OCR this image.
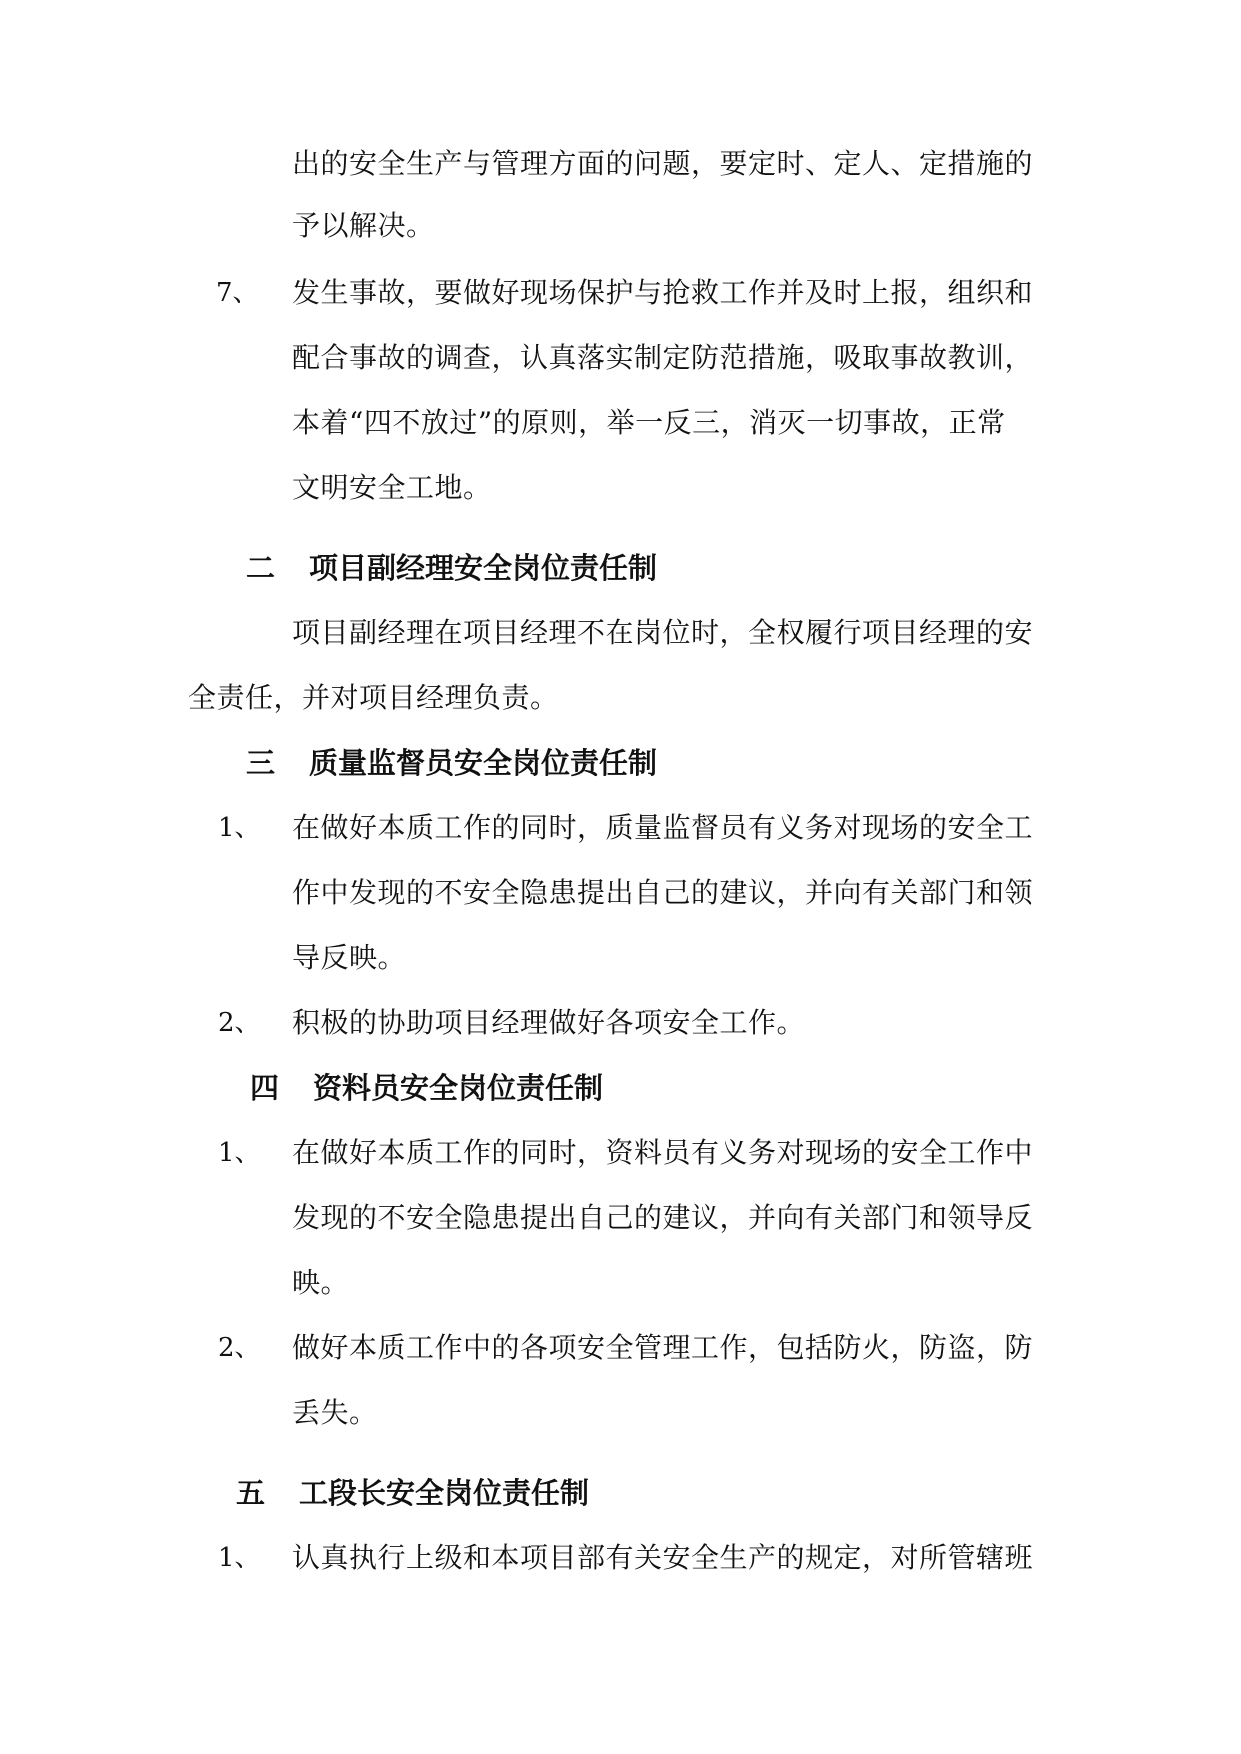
出的安全生产与管理方面的问题，要定时、定人、定措施的
予以解决。
7、 发生事故，要做好现场保护与抢救工作并及时上报，组织和
配合事故的调查，认真落实制定防范措施，吸取事故教训，
本着“四不放过”的原则，举一反三，消灭一切事故，正常
文明安全工地。
二 项目副经理安全岗位责任制
项目副经理在项目经理不在岗位时，全权履行项目经理的安
全责任，并对项目经理负责。
三 质量监督员安全岗位责任制
1、 在做好本质工作的同时，质量监督员有义务对现场的安全工
作中发现的不安全隐患提出自己的建议，并向有关部门和领
导反映。
2、 积极的协助项目经理做好各项安全工作。
四 资料员安全岗位责任制
1、 在做好本质工作的同时，资料员有义务对现场的安全工作中
发现的不安全隐患提出自己的建议，并向有关部门和领导反
映。
2、 做好本质工作中的各项安全管理工作，包括防火，防盗，防
丢失。
五 工段长安全岗位责任制
1、 认真执行上级和本项目部有关安全生产的规定，对所管辖班
